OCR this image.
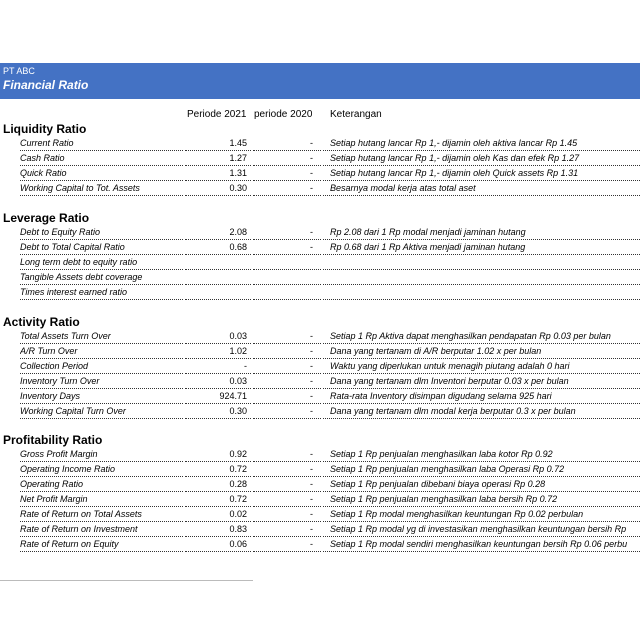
PT ABC
Financial Ratio
Periode 2021 periode 2020 Keterangan
Liquidity Ratio
Current Ratio	1.45	-	Setiap hutang lancar Rp 1,- dijamin oleh aktiva lancar Rp 1.45
Cash Ratio	1.27	-	Setiap hutang lancar Rp 1,- dijamin oleh Kas dan efek Rp 1.27
Quick Ratio	1.31	-	Setiap hutang lancar Rp 1,- dijamin oleh Quick assets Rp 1.31
Working Capital to Tot. Assets	0.30	-	Besarnya modal kerja atas total aset
Leverage Ratio
Debt to Equity Ratio	2.08	-	Rp 2.08 dari 1 Rp modal menjadi jaminan hutang
Debt to Total Capital Ratio	0.68	-	Rp 0.68 dari 1 Rp Aktiva menjadi jaminan hutang
Long term debt to equity ratio
Tangible Assets debt coverage
Times interest earned ratio
Activity Ratio
Total Assets Turn Over	0.03	-	Setiap 1 Rp Aktiva dapat menghasilkan pendapatan Rp 0.03 per bulan
A/R Turn Over	1.02	-	Dana yang tertanam di A/R berputar 1.02 x per bulan
Collection Period	-	-	Waktu yang diperlukan untuk menagih piutang adalah 0 hari
Inventory Turn Over	0.03	-	Dana yang tertanam dlm Inventori berputar 0.03 x per bulan
Inventory Days	924.71	-	Rata-rata Inventory disimpan digudang selama 925 hari
Working Capital Turn Over	0.30	-	Dana yang tertanam dlm modal kerja berputar 0.3 x per bulan
Profitability Ratio
Gross Profit Margin	0.92	-	Setiap 1 Rp penjualan menghasilkan laba kotor Rp 0.92
Operating Income Ratio	0.72	-	Setiap 1 Rp penjualan menghasilkan laba Operasi Rp 0.72
Operating Ratio	0.28	-	Setiap 1 Rp penjualan dibebani biaya operasi Rp 0.28
Net Profit Margin	0.72	-	Setiap 1 Rp penjualan menghasilkan laba bersih Rp 0.72
Rate of Return on Total Assets	0.02	-	Setiap 1 Rp modal menghasilkan keuntungan Rp 0.02 perbulan
Rate of Return on Investment	0.83	-	Setiap 1 Rp modal yg di investasikan menghasilkan keuntungan bersih Rp
Rate of Return on Equity	0.06	-	Setiap 1 Rp modal sendiri menghasilkan keuntungan bersih Rp 0.06 perbu
